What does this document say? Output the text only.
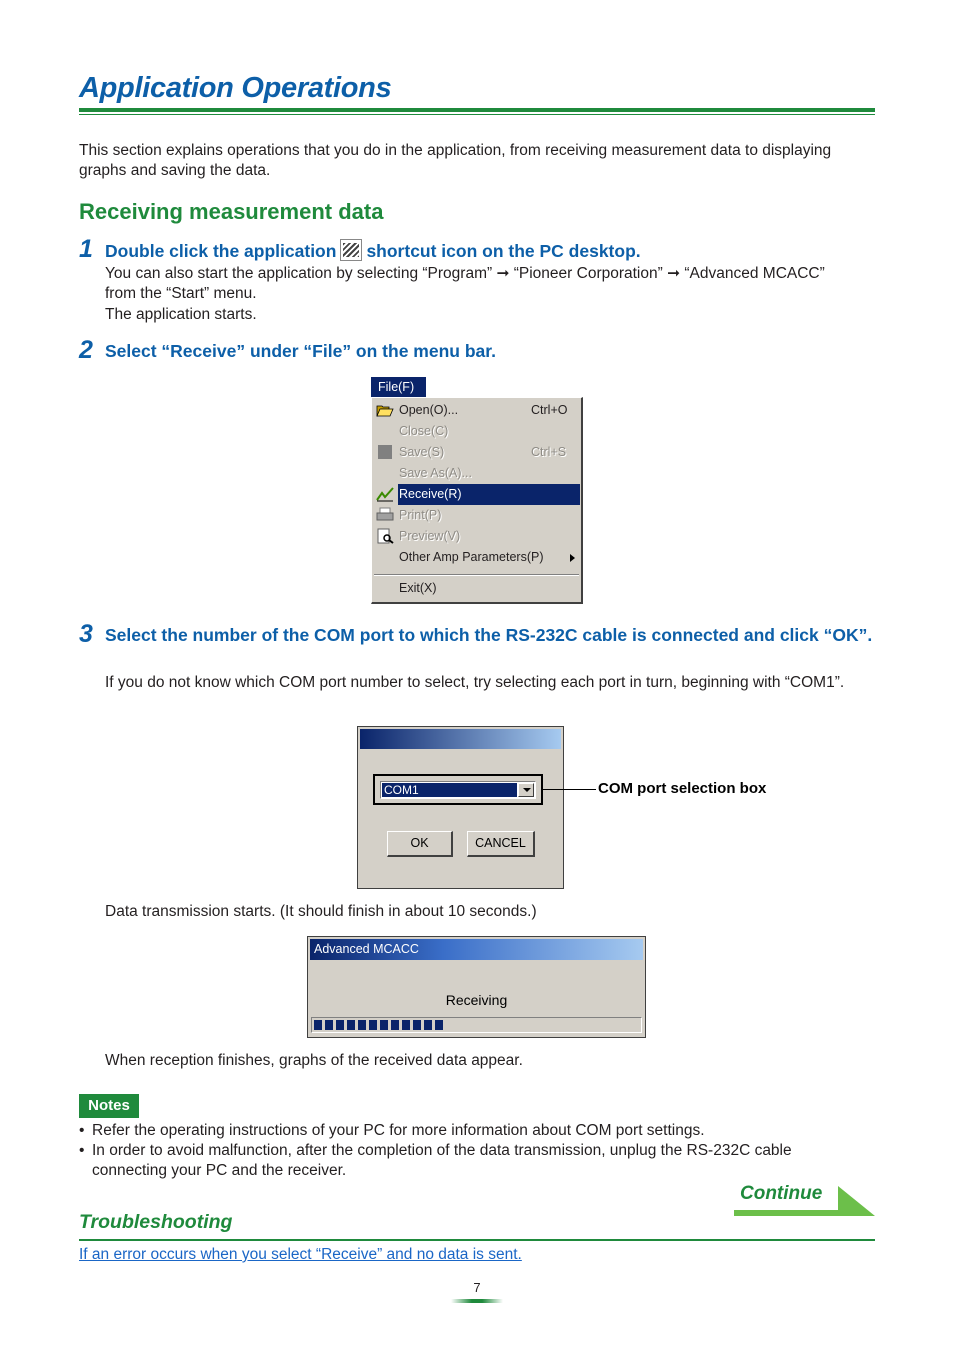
Application Operations

This section explains operations that you do in the application, from receiving measurement data to displaying graphs and saving the data.

Receiving measurement data
1 Double click the application shortcut icon on the PC desktop.

You can also start the application by selecting “Program” ➞ “Pioneer Corporation” ➞ “Advanced MCACC” from the “Start” menu.

The application starts.

2 Select “Receive” under “File” on the menu bar.
File(F)
Open(O)...	Ctrl+O
Close(C)
Save(S)	Ctrl+S
Save As(A)...
Receive(R)
Print(P)
Preview(V)
Other Amp Parameters(P)
Exit(X)
3 Select the number of the COM port to which the RS-232C cable is connected and click “OK”.

If you do not know which COM port number to select, try selecting each port in turn, beginning with “COM1”.

COM1
OK	CANCEL
COM port selection box

Data transmission starts. (It should finish in about 10 seconds.)

Advanced MCACC
Receiving

When reception finishes, graphs of the received data appear.

Notes
• Refer the operating instructions of your PC for more information about COM port settings.
• In order to avoid malfunction, after the completion of the data transmission, unplug the RS-232C cable connecting your PC and the receiver.
Continue
Troubleshooting
If an error occurs when you select “Receive” and no data is sent.
7
